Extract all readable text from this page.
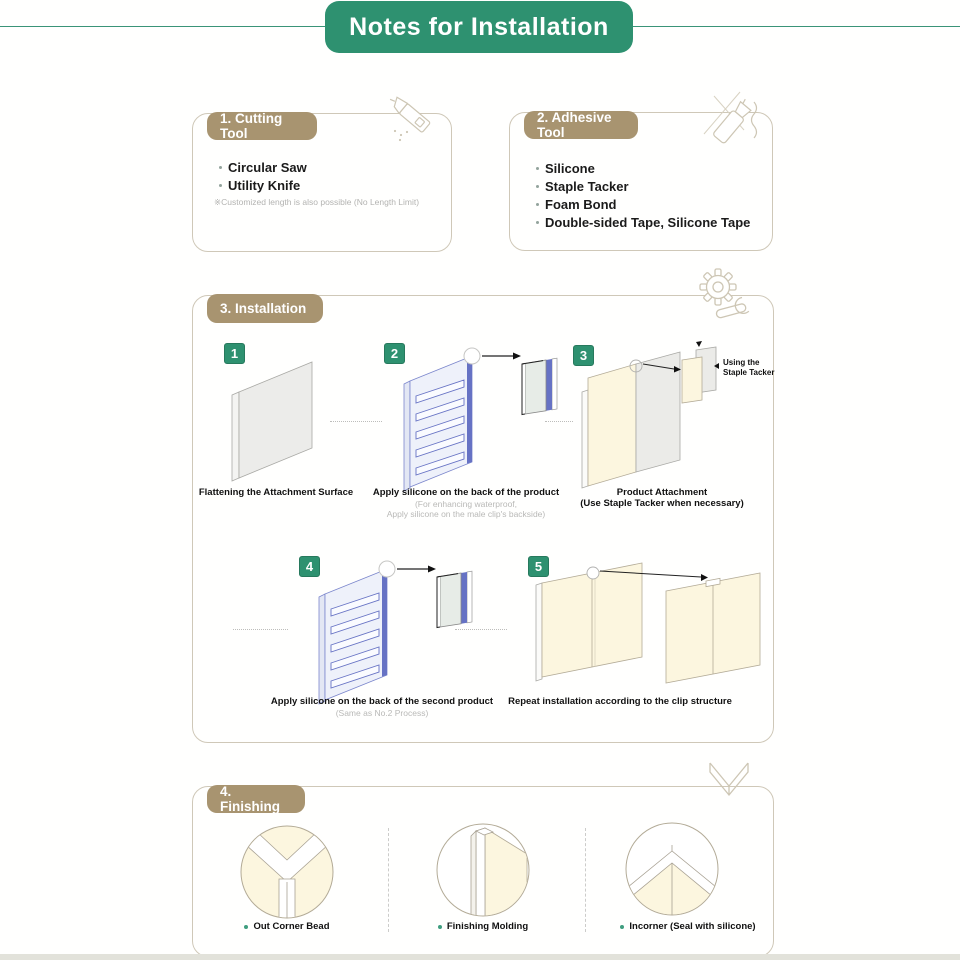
Notes for Installation
1. Cutting Tool
Circular Saw
Utility Knife
※Customized length is also possible (No Length Limit)
2. Adhesive Tool
Silicone
Staple Tacker
Foam Bond
Double-sided Tape, Silicone Tape
3. Installation
1
Flattening the Attachment Surface
2
Apply silicone on the back of the product
(For enhancing waterproof,
Apply silicone on the male clip's backside)
3	Using the Staple Tacker
Product Attachment
(Use Staple Tacker when necessary)
4
Apply silicone on the back of the second product
(Same as No.2 Process)
5
Repeat installation according to the clip structure
4. Finishing
Out Corner Bead	Finishing Molding	Incorner (Seal with silicone)
